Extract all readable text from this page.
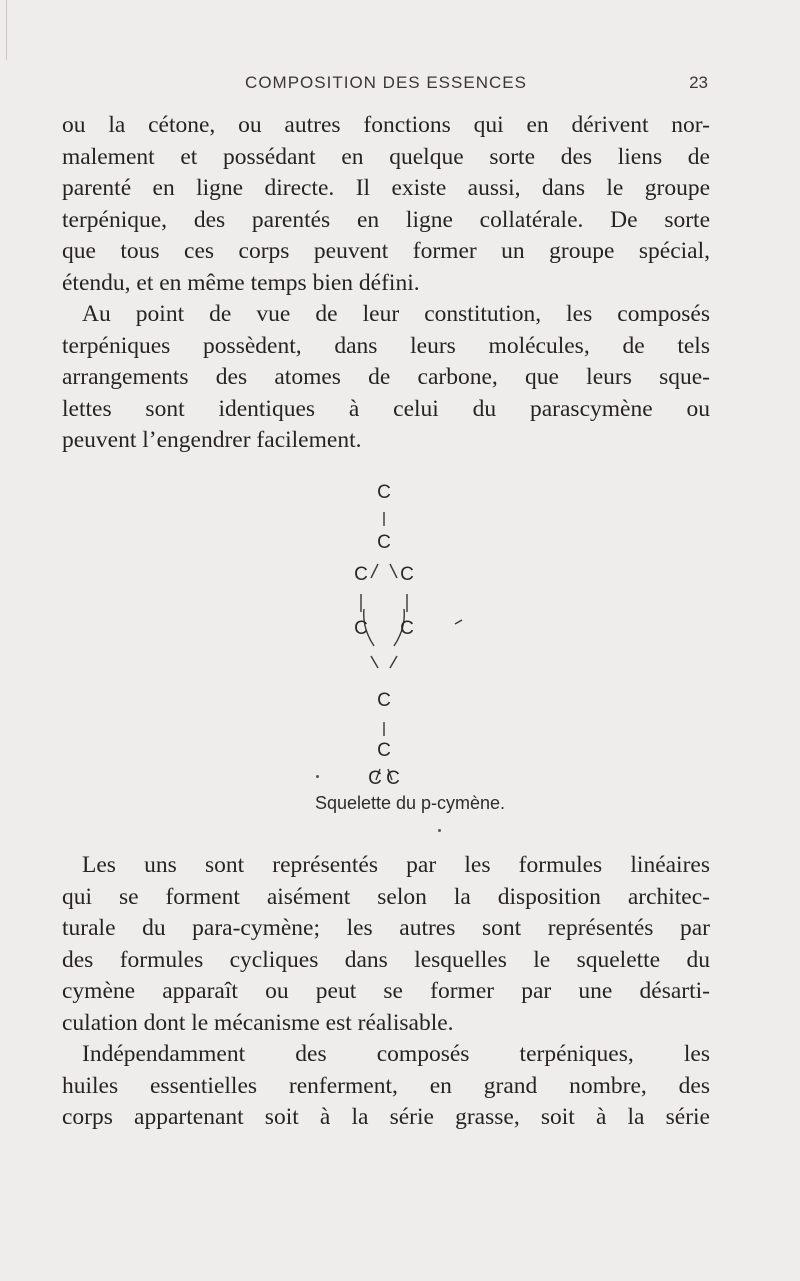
COMPOSITION DES ESSENCES	23

ou la cétone, ou autres fonctions qui en dérivent nor-
malement et possédant en quelque sorte des liens de
parenté en ligne directe. Il existe aussi, dans le groupe
terpénique, des parentés en ligne collatérale. De sorte
que tous ces corps peuvent former un groupe spécial,
étendu, et en même temps bien défini.

Au point de vue de leur constitution, les composés
terpéniques possèdent, dans leurs molécules, de tels
arrangements des atomes de carbone, que leurs sque-
lettes sont identiques à celui du parascymène ou
peuvent l’engendrer facilement.

C
C
C C
C C
C
C
C C
Squelette du p-cymène.

Les uns sont représentés par les formules linéaires
qui se forment aisément selon la disposition architec-
turale du para-cymène; les autres sont représentés par
des formules cycliques dans lesquelles le squelette du
cymène apparaît ou peut se former par une désarti-
culation dont le mécanisme est réalisable.

Indépendamment des composés terpéniques, les
huiles essentielles renferment, en grand nombre, des
corps appartenant soit à la série grasse, soit à la série
